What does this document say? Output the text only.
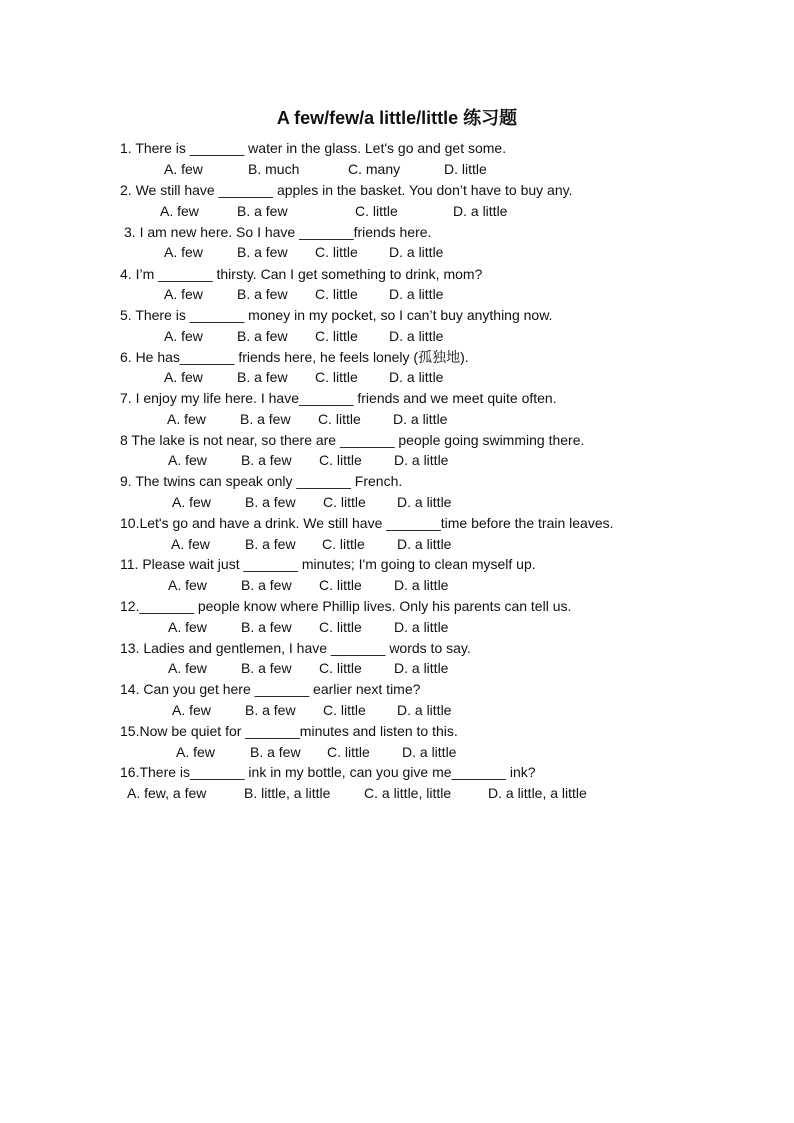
A few/few/a little/little 练习题
1. There is _______ water in the glass. Let's go and get some.
A. few	B. much	C. many	D. little
2. We still have _______ apples in the basket. You don’t have to buy any.
A. few	B. a few	C. little	D. a little
3. I am new here. So I have _______friends here.
A. few B. a few C. little D. a little
4. I’m _______ thirsty. Can I get something to drink, mom?
A. few B. a few C. little D. a little
5. There is _______ money in my pocket, so I can’t buy anything now.
A. few B. a few C. little D. a little
6. He has_______ friends here, he feels lonely (孤独地).
A. few B. a few C. little D. a little
7. I enjoy my life here. I have_______ friends and we meet quite often.
A. few B. a few C. little D. a little
8 The lake is not near, so there are _______ people going swimming there.
A. few B. a few C. little D. a little
9. The twins can speak only _______ French.
A. few B. a few C. little D. a little
10.Let's go and have a drink. We still have _______time before the train leaves.
A. few	B. a few C. little D. a little
11. Please wait just _______ minutes; I'm going to clean myself up.
A. few B. a few C. little D. a little
12._______ people know where Phillip lives. Only his parents can tell us.
A. few B. a few C. little D. a little
13. Ladies and gentlemen, I have _______ words to say.
A. few B. a few C. little D. a little
14. Can you get here _______ earlier next time?
A. few B. a few C. little D. a little
15.Now be quiet for _______minutes and listen to this.
A. few	B. a few C. little D. a little
16.There is_______ ink in my bottle, can you give me_______ ink?
A. few, a few	B. little, a little C. a little, little	D. a little, a little
